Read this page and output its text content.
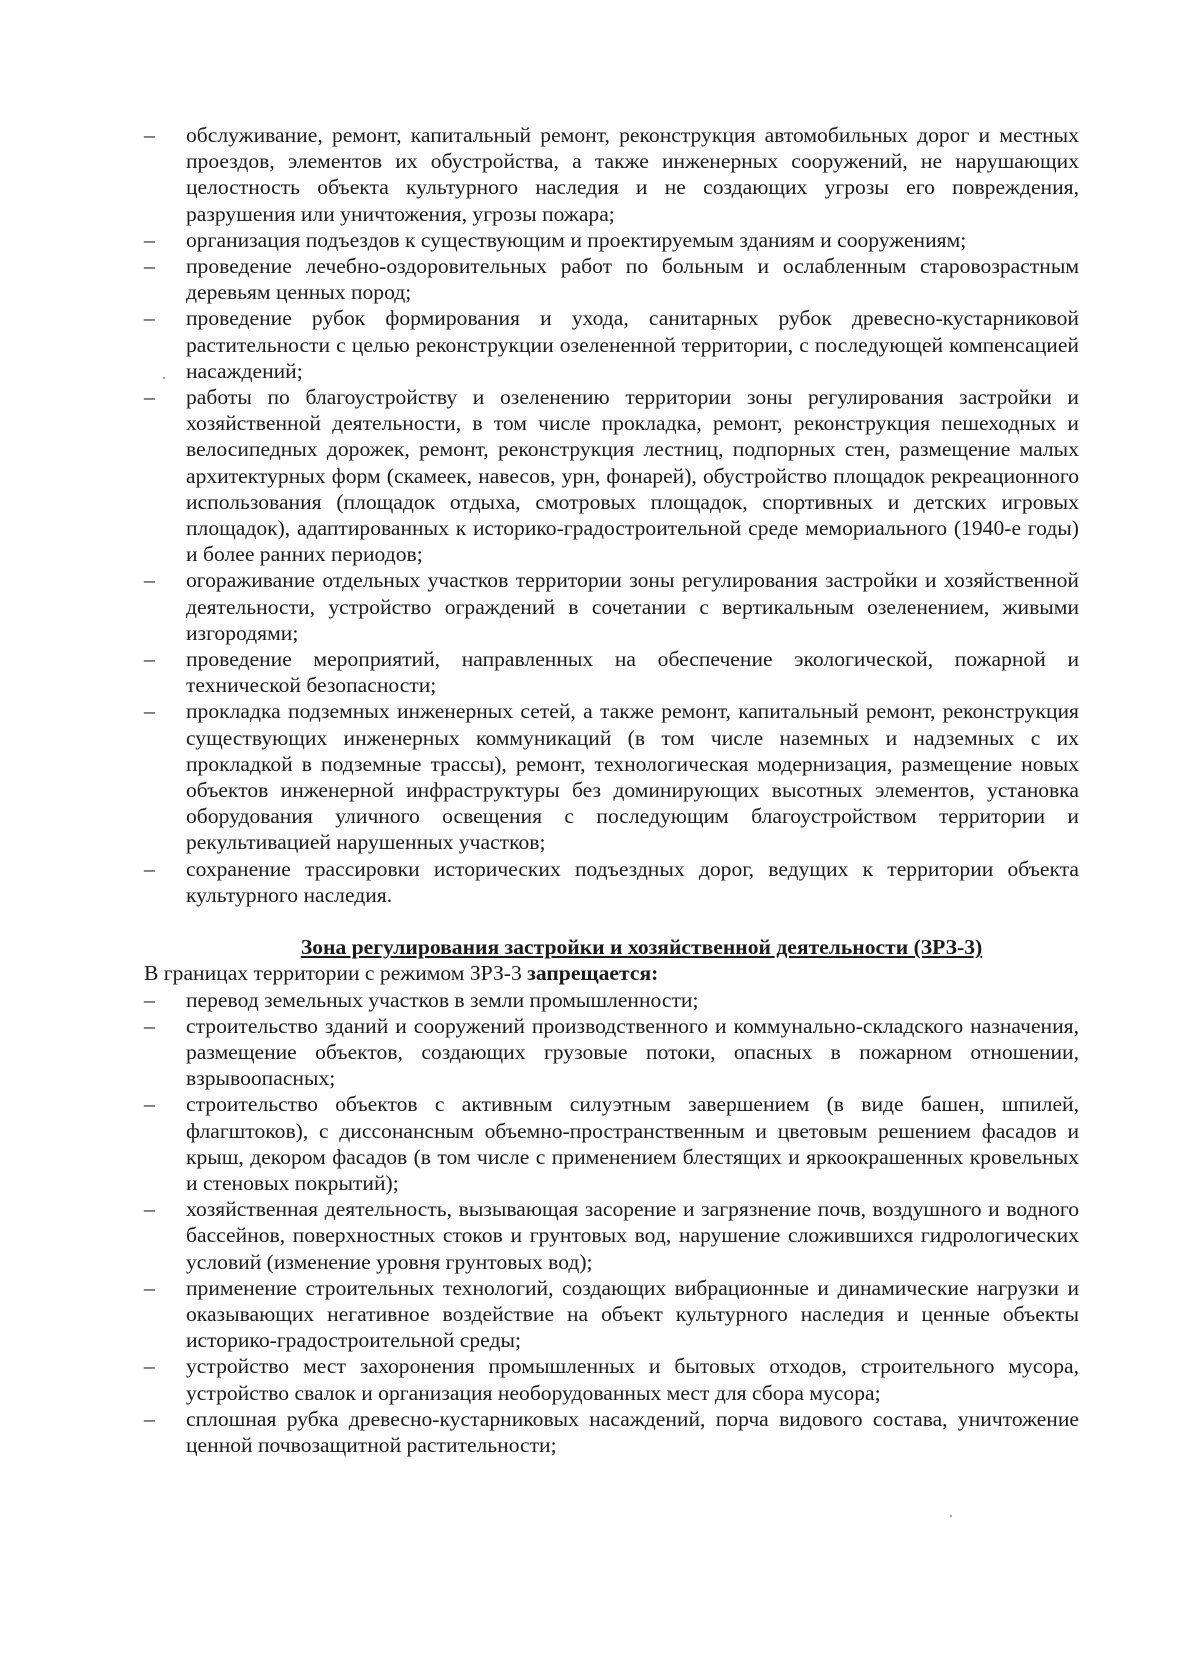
–	обслуживание, ремонт, капитальный ремонт, реконструкция автомобильных дорог и местных проездов, элементов их обустройства, а также инженерных сооружений, не нарушающих целостность объекта культурного наследия и не создающих угрозы его повреждения, разрушения или уничтожения, угрозы пожара;
–	организация подъездов к существующим и проектируемым зданиям и сооружениям;
–	проведение лечебно-оздоровительных работ по больным и ослабленным старовозрастным деревьям ценных пород;
–	проведение рубок формирования и ухода, санитарных рубок древесно-кустарниковой растительности с целью реконструкции озелененной территории, с последующей компенсацией насаждений;
–	работы по благоустройству и озеленению территории зоны регулирования застройки и хозяйственной деятельности, в том числе прокладка, ремонт, реконструкция пешеходных и велосипедных дорожек, ремонт, реконструкция лестниц, подпорных стен, размещение малых архитектурных форм (скамеек, навесов, урн, фонарей), обустройство площадок рекреационного использования (площадок отдыха, смотровых площадок, спортивных и детских игровых площадок), адаптированных к историко-градостроительной среде мемориального (1940-е годы) и более ранних периодов;
–	огораживание отдельных участков территории зоны регулирования застройки и хозяйственной деятельности, устройство ограждений в сочетании с вертикальным озеленением, живыми изгородями;
–	проведение мероприятий, направленных на обеспечение экологической, пожарной и технической безопасности;
–	прокладка подземных инженерных сетей, а также ремонт, капитальный ремонт, реконструкция существующих инженерных коммуникаций (в том числе наземных и надземных с их прокладкой в подземные трассы), ремонт, технологическая модернизация, размещение новых объектов инженерной инфраструктуры без доминирующих высотных элементов, установка оборудования уличного освещения с последующим благоустройством территории и рекультивацией нарушенных участков;
–	сохранение трассировки исторических подъездных дорог, ведущих к территории объекта культурного наследия.

Зона регулирования застройки и хозяйственной деятельности (ЗРЗ-3)

В границах территории с режимом ЗРЗ-3 запрещается:

–	перевод земельных участков в земли промышленности;
–	строительство зданий и сооружений производственного и коммунально-складского назначения, размещение объектов, создающих грузовые потоки, опасных в пожарном отношении, взрывоопасных;
–	строительство объектов с активным силуэтным завершением (в виде башен, шпилей, флагштоков), с диссонансным объемно-пространственным и цветовым решением фасадов и крыш, декором фасадов (в том числе с применением блестящих и яркоокрашенных кровельных и стеновых покрытий);
–	хозяйственная деятельность, вызывающая засорение и загрязнение почв, воздушного и водного бассейнов, поверхностных стоков и грунтовых вод, нарушение сложившихся гидрологических условий (изменение уровня грунтовых вод);
–	применение строительных технологий, создающих вибрационные и динамические нагрузки и оказывающих негативное воздействие на объект культурного наследия и ценные объекты историко-градостроительной среды;
–	устройство мест захоронения промышленных и бытовых отходов, строительного мусора, устройство свалок и организация необорудованных мест для сбора мусора;
–	сплошная рубка древесно-кустарниковых насаждений, порча видового состава, уничтожение ценной почвозащитной растительности;
